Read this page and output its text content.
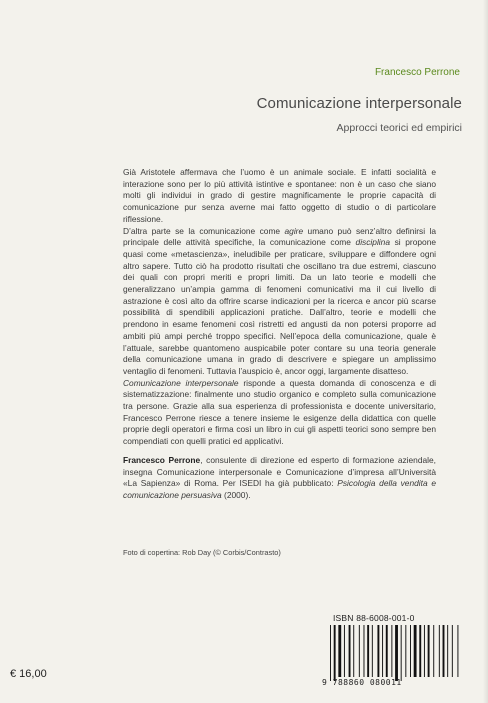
Francesco Perrone
Comunicazione interpersonale
Approcci teorici ed empirici

Già Aristotele affermava che l’uomo è un animale sociale. E infatti socialità e interazione sono per lo più attività istintive e spontanee: non è un caso che siano molti gli individui in grado di gestire magnificamente le proprie capacità di comunicazione pur senza averne mai fatto oggetto di studio o di particolare riflessione.
D’altra parte se la comunicazione come agire umano può senz’altro definirsi la principale delle attività specifiche, la comunicazione come disciplina si propone quasi come «metascienza», ineludibile per praticare, sviluppare e diffondere ogni altro sapere. Tutto ciò ha prodotto risultati che oscillano tra due estremi, ciascuno dei quali con propri meriti e propri limiti. Da un lato teorie e modelli che generalizzano un’ampia gamma di fenomeni comunicativi ma il cui livello di astrazione è così alto da offrire scarse indicazioni per la ricerca e ancor più scarse possibilità di spendibili applicazioni pratiche. Dall’altro, teorie e modelli che prendono in esame fenomeni così ristretti ed angusti da non potersi proporre ad ambiti più ampi perché troppo specifici. Nell’epoca della comunicazione, quale è l’attuale, sarebbe quantomeno auspicabile poter contare su una teoria generale della comunicazione umana in grado di descrivere e spiegare un amplissimo ventaglio di fenomeni. Tuttavia l’auspicio è, ancor oggi, largamente disatteso.

Comunicazione interpersonale risponde a questa domanda di conoscenza e di sistematizzazione: finalmente uno studio organico e completo sulla comunicazione tra persone. Grazie alla sua esperienza di professionista e docente universitario, Francesco Perrone riesce a tenere insieme le esigenze della didattica con quelle proprie degli operatori e firma così un libro in cui gli aspetti teorici sono sempre ben compendiati con quelli pratici ed applicativi.

Francesco Perrone, consulente di direzione ed esperto di formazione aziendale, insegna Comunicazione interpersonale e Comunicazione d’impresa all’Università «La Sapienza» di Roma. Per ISEDI ha già pubblicato: Psicologia della vendita e comunicazione persuasiva (2000).
Foto di copertina: Rob Day (© Corbis/Contrasto)
ISBN 88-6008-001-0
9 788860 080011
€ 16,00
